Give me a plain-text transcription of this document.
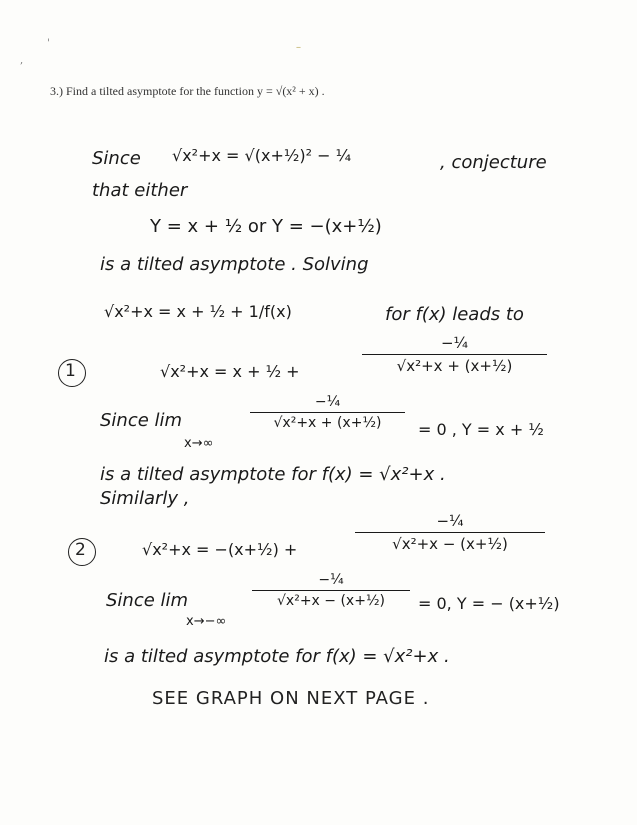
'
,
–
3.) Find a tilted asymptote for the function y = √(x² + x) .
Since √x²+x = √(x+½)² − ¼	, conjecture
that either
Y = x + ½ or Y = −(x+½)
is a tilted asymptote . Solving
√x²+x = x + ½ + 1/f(x)	for f(x) leads to
1	√x²+x = x + ½ +
−¼
√x²+x + (x+½)
Since lim
x→∞
−¼
√x²+x + (x+½) = 0 , Y = x + ½
is a tilted asymptote for f(x) = √x²+x .
Similarly ,
2	√x²+x = −(x+½) +
−¼
√x²+x − (x+½)
Since lim
x→−∞
−¼
√x²+x − (x+½) = 0, Y = − (x+½)
is a tilted asymptote for f(x) = √x²+x .
SEE GRAPH ON NEXT PAGE .
